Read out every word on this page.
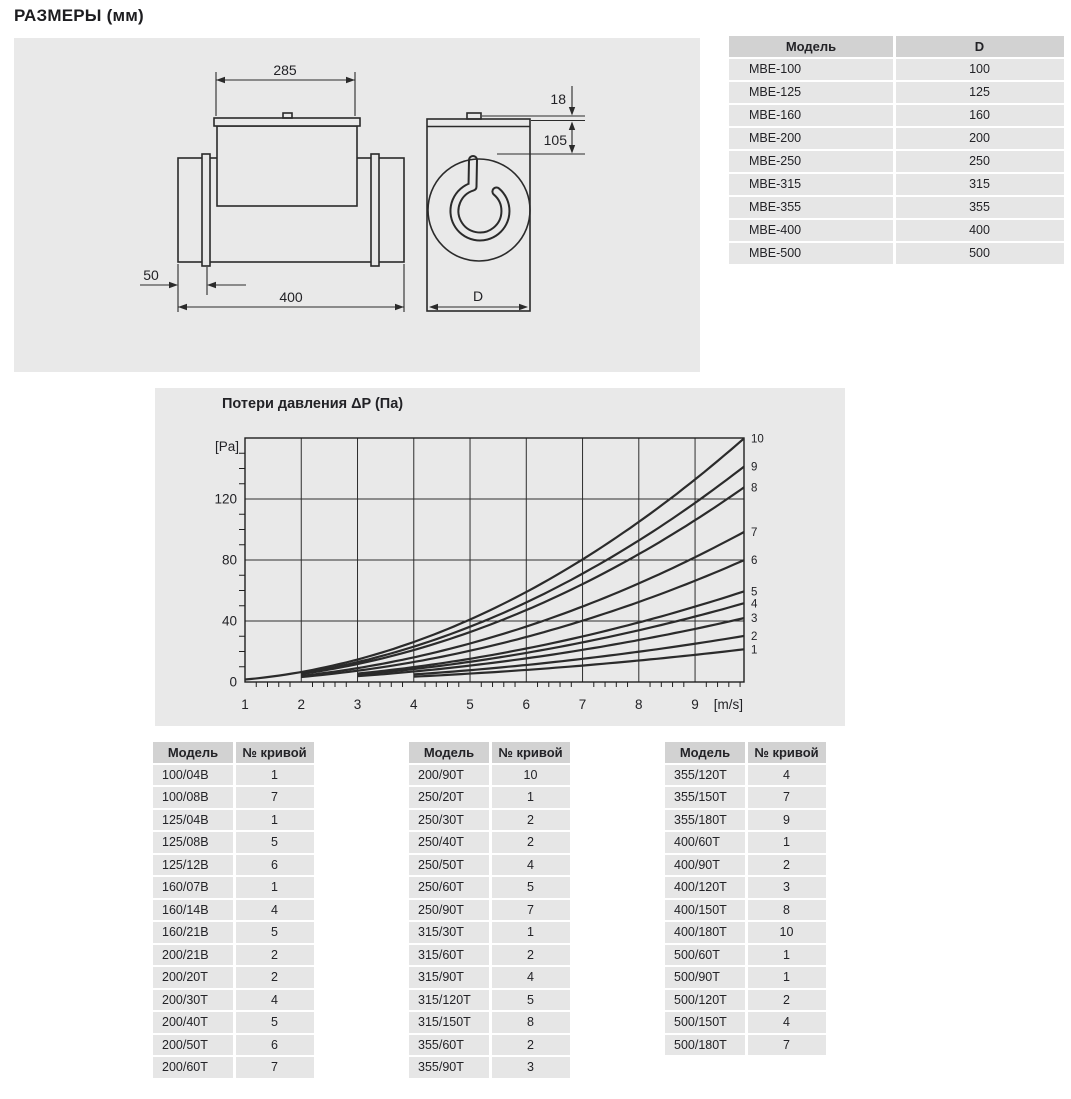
РАЗМЕРЫ (мм)
285
50
400
18
105
D
Модель	D
MBE-100	100
MBE-125	125
MBE-160	160
MBE-200	200
MBE-250	250
MBE-315	315
MBE-355	355
MBE-400	400
MBE-500	500
Потери давления ΔP (Па)
1
2
3
4
5
6
7
8
9
10
1	2	3	4	5	6	7	8	9
0
40
80
120
[Pa]
[m/s]
Модель	№ кривой
100/04B	1
100/08B	7
125/04B	1
125/08B	5
125/12B	6
160/07B	1
160/14B	4
160/21B	5
200/21B	2
200/20T	2
200/30T	4
200/40T	5
200/50T	6
200/60T	7
Модель	№ кривой
200/90T	10
250/20T	1
250/30T	2
250/40T	2
250/50T	4
250/60T	5
250/90T	7
315/30T	1
315/60T	2
315/90T	4
315/120T	5
315/150T	8
355/60T	2
355/90T	3
Модель	№ кривой
355/120T	4
355/150T	7
355/180T	9
400/60T	1
400/90T	2
400/120T	3
400/150T	8
400/180T	10
500/60T	1
500/90T	1
500/120T	2
500/150T	4
500/180T	7
